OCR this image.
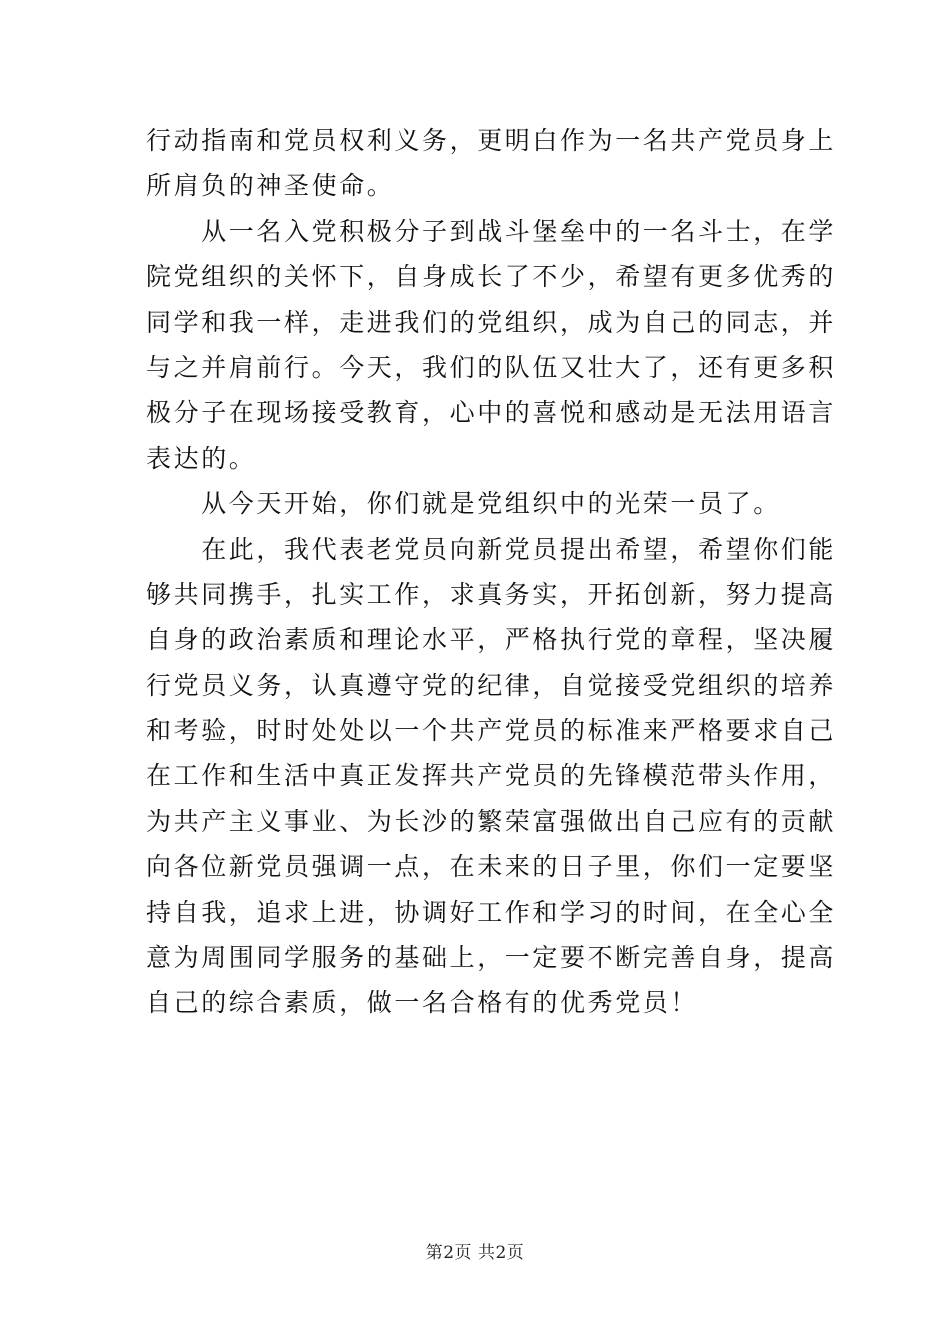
行动指南和党员权利义务，更明白作为一名共产党员身上
所肩负的神圣使命。
　　从一名入党积极分子到战斗堡垒中的一名斗士，在学
院党组织的关怀下，自身成长了不少，希望有更多优秀的
同学和我一样，走进我们的党组织，成为自己的同志，并
与之并肩前行。今天，我们的队伍又壮大了，还有更多积
极分子在现场接受教育，心中的喜悦和感动是无法用语言
表达的。
　　从今天开始，你们就是党组织中的光荣一员了。
　　在此，我代表老党员向新党员提出希望，希望你们能
够共同携手，扎实工作，求真务实，开拓创新，努力提高
自身的政治素质和理论水平，严格执行党的章程，坚决履
行党员义务，认真遵守党的纪律，自觉接受党组织的培养
和考验，时时处处以一个共产党员的标准来严格要求自己
在工作和生活中真正发挥共产党员的先锋模范带头作用，
为共产主义事业、为长沙的繁荣富强做出自己应有的贡献
向各位新党员强调一点，在未来的日子里，你们一定要坚
持自我，追求上进，协调好工作和学习的时间，在全心全
意为周围同学服务的基础上，一定要不断完善自身，提高
自己的综合素质，做一名合格有的优秀党员！
第2页 共2页
